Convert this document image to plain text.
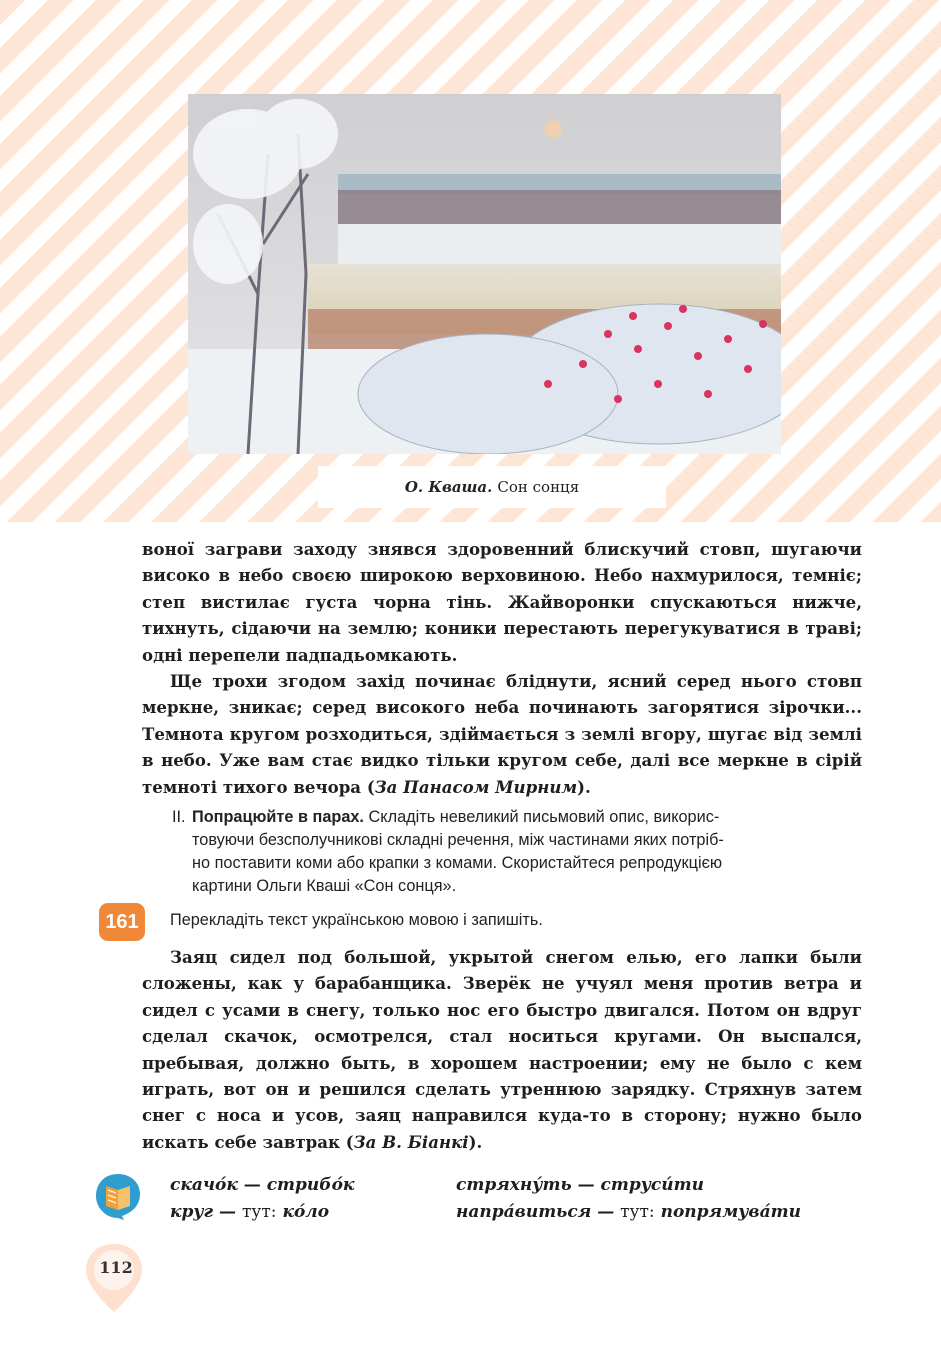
О. Кваша. Сон сонця

воної заграви заходу знявся здоровенний блискучий стовп, шугаючи високо в небо своєю широкою верховиною. Небо нахмурилося, темніє; степ вистилає густа чорна тінь. Жайворонки спускаються нижче, тихнуть, сідаючи на землю; коники перестають перегукуватися в траві; одні перепели падпадьомкають.

Ще трохи згодом захід починає бліднути, ясний серед нього стовп меркне, зникає; серед високого неба починають загорятися зірочки... Темнота кругом розходиться, здіймається з землі вгору, шугає від землі в небо. Уже вам стає видко тільки кругом себе, далі все меркне в сірій темноті тихого вечора (За Панасом Мирним).

ІІ. Попрацюйте в парах. Складіть невеликий письмовий опис, викорис-
товуючи безсполучникові складні речення, між частинами яких потріб-
но поставити коми або крапки з комами. Скористайтеся репродукцією
картини Ольги Кваші «Сон сонця».
161	Перекладіть текст українською мовою і запишіть.

Заяц сидел под большой, укрытой снегом елью, его лапки были сложены, как у барабанщика. Зверёк не учуял меня против ветра и сидел с усами в снегу, только нос его быстро двигался. Потом он вдруг сделал скачок, осмотрелся, стал носиться кругами. Он выспался, пребывая, должно быть, в хорошем настроении; ему не было с кем играть, вот он и решился сделать утреннюю зарядку. Стряхнув затем снег с носа и усов, заяц направился куда-то в сторону; нужно было искать себе завтрак (За В. Біанкі).

скачо́к — стрибо́к
круг — тут: ко́ло
стряхну́ть — струси́ти
напра́виться — тут: попрямува́ти
112
